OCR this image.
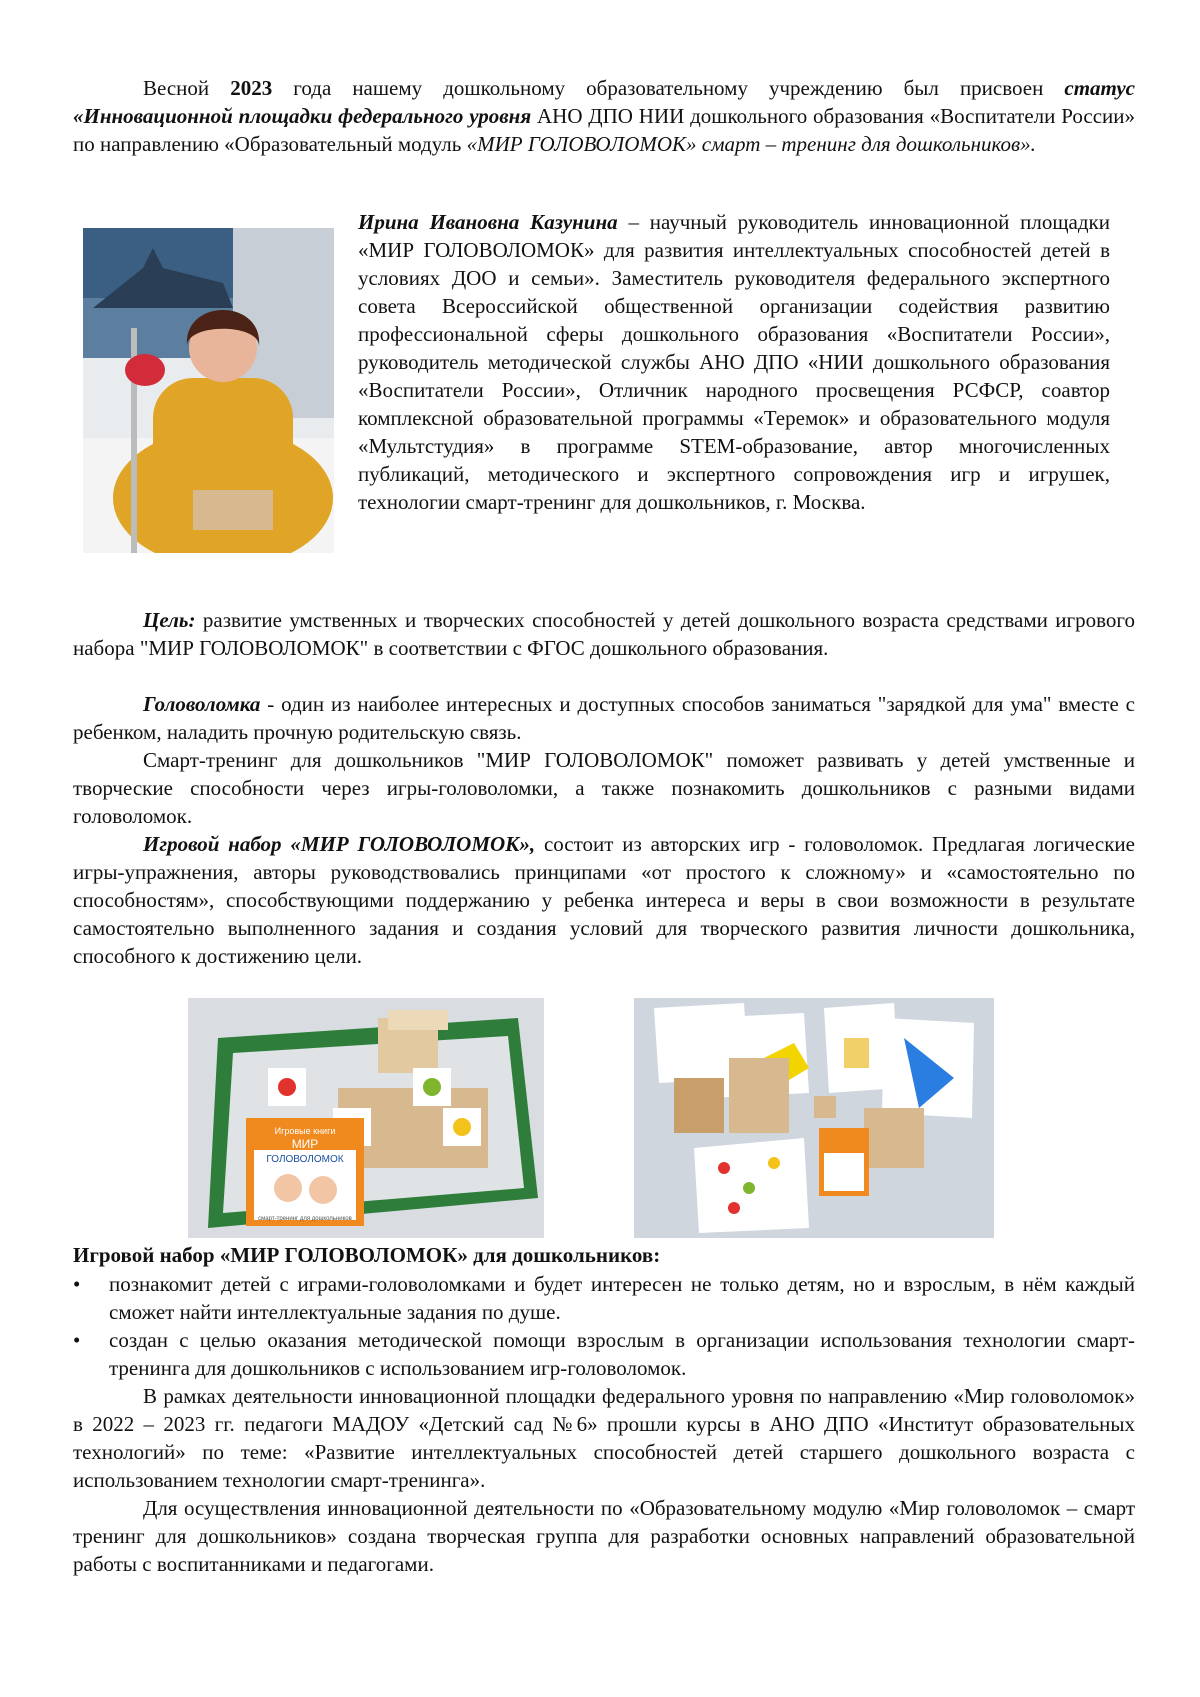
Весной 2023 года нашему дошкольному образовательному учреждению был присвоен статус «Инновационной площадки федерального уровня АНО ДПО НИИ дошкольного образования «Воспитатели России» по направлению «Образовательный модуль «МИР ГОЛОВОЛОМОК» смарт – тренинг для дошкольников».

Ирина Ивановна Казунина – научный руководитель инновационной площадки «МИР ГОЛОВОЛОМОК» для развития интеллектуальных способностей детей в условиях ДОО и семьи». Заместитель руководителя федерального экспертного совета Всероссийской общественной организации содействия развитию профессиональной сферы дошкольного образования «Воспитатели России», руководитель методической службы АНО ДПО «НИИ дошкольного образования «Воспитатели России», Отличник народного просвещения РСФСР, соавтор комплексной образовательной программы «Теремок» и образовательного модуля «Мультстудия» в программе STEM-образование, автор многочисленных публикаций, методического и экспертного сопровождения игр и игрушек, технологии смарт-тренинг для дошкольников, г. Москва.

Цель: развитие умственных и творческих способностей у детей дошкольного возраста средствами игрового набора "МИР ГОЛОВОЛОМОК" в соответствии с ФГОС дошкольного образования.

Головоломка - один из наиболее интересных и доступных способов заниматься "зарядкой для ума" вместе с ребенком, наладить прочную родительскую связь.

Смарт-тренинг для дошкольников "МИР ГОЛОВОЛОМОК" поможет развивать у детей умственные и творческие способности через игры-головоломки, а также познакомить дошкольников с разными видами головоломок.

Игровой набор «МИР ГОЛОВОЛОМОК», состоит из авторских игр - головоломок. Предлагая логические игры-упражнения, авторы руководствовались принципами «от простого к сложному» и «самостоятельно по способностям», способствующими поддержанию у ребенка интереса и веры в свои возможности в результате самостоятельно выполненного задания и создания условий для творческого развития личности дошкольника, способного к достижению цели.

Игровые книги
МИР
ГОЛОВОЛОМОК
смарт-тренинг для дошкольников

Игровой набор «МИР ГОЛОВОЛОМОК» для дошкольников:

• познакомит детей с играми-головоломками и будет интересен не только детям, но и взрослым, в нём каждый сможет найти интеллектуальные задания по душе.
• создан с целью оказания методической помощи взрослым в организации использования технологии смарт-тренинга для дошкольников с использованием игр-головоломок.

В рамках деятельности инновационной площадки федерального уровня по направлению «Мир головоломок» в 2022 – 2023 гг. педагоги МАДОУ «Детский сад №6» прошли курсы в АНО ДПО «Институт образовательных технологий» по теме: «Развитие интеллектуальных способностей детей старшего дошкольного возраста с использованием технологии смарт-тренинга».

Для осуществления инновационной деятельности по «Образовательному модулю «Мир головоломок – смарт тренинг для дошкольников» создана творческая группа для разработки основных направлений образовательной работы с воспитанниками и педагогами.
